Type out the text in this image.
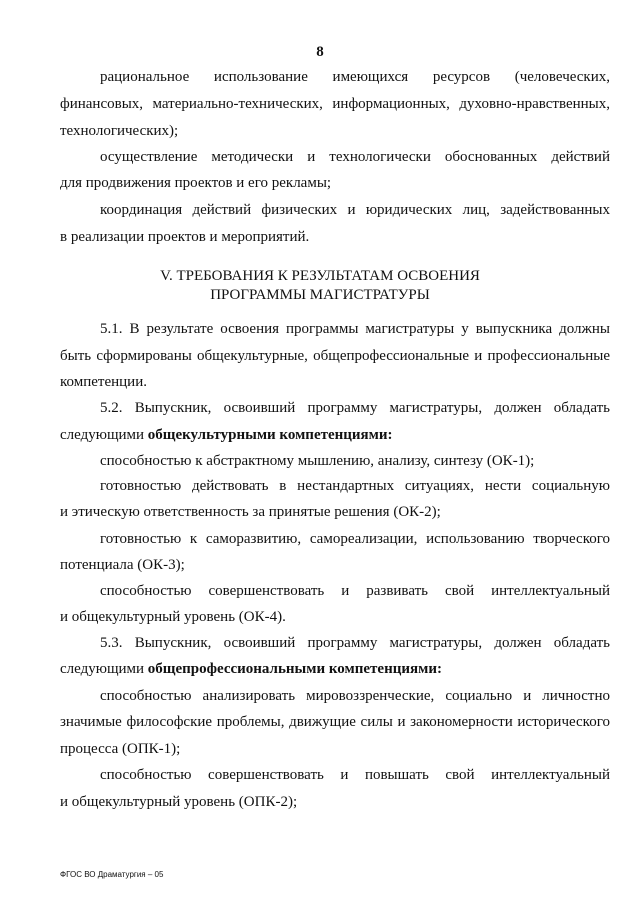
8
рациональное использование имеющихся ресурсов (человеческих,
финансовых, материально-технических, информационных, духовно-нравственных,
технологических);
осуществление методически и технологически обоснованных действий
для продвижения проектов и его рекламы;
координация действий физических и юридических лиц, задействованных
в реализации проектов и мероприятий.
V. ТРЕБОВАНИЯ К РЕЗУЛЬТАТАМ ОСВОЕНИЯ
ПРОГРАММЫ МАГИСТРАТУРЫ
5.1. В результате освоения программы магистратуры у выпускника должны
быть сформированы общекультурные, общепрофессиональные и профессиональные
компетенции.
5.2. Выпускник, освоивший программу магистратуры, должен обладать
следующими общекультурными компетенциями:
способностью к абстрактному мышлению, анализу, синтезу (ОК-1);
готовностью действовать в нестандартных ситуациях, нести социальную
и этическую ответственность за принятые решения (ОК-2);
готовностью к саморазвитию, самореализации, использованию творческого
потенциала (ОК-3);
способностью совершенствовать и развивать свой интеллектуальный
и общекультурный уровень (ОК-4).
5.3. Выпускник, освоивший программу магистратуры, должен обладать
следующими общепрофессиональными компетенциями:
способностью анализировать мировоззренческие, социально и личностно
значимые философские проблемы, движущие силы и закономерности исторического
процесса (ОПК-1);
способностью совершенствовать и повышать свой интеллектуальный
и общекультурный уровень (ОПК-2);
ФГОС ВО Драматургия – 05
